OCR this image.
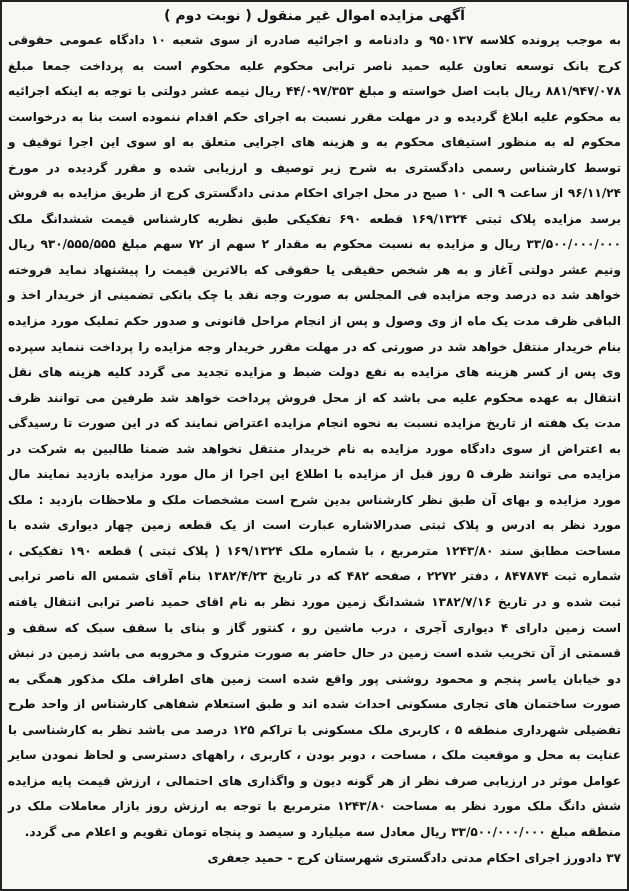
آگهی مزایده اموال غیر منقول ( نوبت دوم )

به موجب پرونده کلاسه ۹۵۰۱۳۷ و دادنامه و اجرائیه صادره از سوی شعبه ۱۰ دادگاه عمومی حقوقی کرج بانک توسعه تعاون علیه حمید ناصر ترابی محکوم علیه محکوم است به پرداخت جمعا مبلغ ۸۸۱/۹۴۷/۰۷۸ ریال بابت اصل خواسته و مبلغ ۴۴/۰۹۷/۳۵۳ ریال نیمه عشر دولتی با توجه به اینکه اجرائیه به محکوم علیه ابلاغ گردیده و در مهلت مقرر نسبت به اجرای حکم اقدام ننموده است بنا به درخواست محکوم له به منظور استیفای محکوم به و هزینه های اجرایی متعلق به او سوی این اجرا توقیف و توسط کارشناس رسمی دادگستری به شرح زیر توصیف و ارزیابی شده و مقرر گردیده در مورخ ۹۶/۱۱/۲۴ از ساعت ۹ الی ۱۰ صبح در محل اجرای احکام مدنی دادگستری کرج از طریق مزایده به فروش برسد مزایده پلاک ثبتی ۱۶۹/۱۳۲۴ قطعه ۶۹۰ تفکیکی طبق نظریه کارشناس قیمت ششدانگ ملک ۳۳/۵۰۰/۰۰۰/۰۰۰ ریال و مزایده به نسبت محکوم به مقدار ۲ سهم از ۷۲ سهم مبلغ ۹۳۰/۵۵۵/۵۵۵ ریال ونیم عشر دولتی آغاز و به هر شخص حقیقی یا حقوقی که بالاترین قیمت را پیشنهاد نماید فروخته خواهد شد ده درصد وجه مزایده فی المجلس به صورت وجه نقد یا چک بانکی تضمینی از خریدار اخذ و الباقی ظرف مدت یک ماه از وی وصول و پس از انجام مراحل قانونی و صدور حکم تملیک مورد مزایده بنام خریدار منتقل خواهد شد در صورتی که در مهلت مقرر خریدار وجه مزایده را پرداخت ننماید سپرده وی پس از کسر هزینه های مزایده به نفع دولت ضبط و مزایده تجدید می گردد کلیه هزینه های نقل انتقال به عهده محکوم علیه می باشد که از محل فروش پرداخت خواهد شد طرفین می توانند ظرف مدت یک هفته از تاریخ مزایده نسبت به نحوه انجام مزایده اعتراض نمایند که در این صورت تا رسیدگی به اعتراض از سوی دادگاه مورد مزایده به نام خریدار منتقل نخواهد شد ضمنا طالبین به شرکت در مزایده می توانند ظرف ۵ روز قبل از مزایده با اطلاع این اجرا از مال مورد مزایده بازدید نمایند مال مورد مزایده و بهای آن طبق نظر کارشناس بدین شرح است مشخصات ملک و ملاحظات بازدید : ملک مورد نظر به ادرس و پلاک ثبتی صدرالاشاره عبارت است از یک قطعه زمین چهار دیواری شده با مساحت مطابق سند ۱۲۴۳/۸۰ مترمربع ، با شماره ملک ۱۶۹/۱۳۲۴ ( پلاک ثبتی ) قطعه ۱۹۰ تفکیکی ، شماره ثبت ۸۴۷۸۷۴ ، دفتر ۲۲۷۲ ، صفحه ۴۸۲ که در تاریخ ۱۳۸۲/۴/۲۳ بنام آقای شمس اله ناصر ترابی ثبت شده و در تاریخ ۱۳۸۲/۷/۱۶ ششدانگ زمین مورد نظر به نام اقای حمید ناصر ترابی انتقال یافته است زمین دارای ۴ دیواری آجری ، درب ماشین رو ، کنتور گاز و بنای با سقف سبک که سقف و قسمتی از آن تخریب شده است زمین در حال حاضر به صورت متروک و مخروبه می باشد زمین در نبش دو خیابان یاسر پنجم و محمود روشنی پور واقع شده است زمین های اطراف ملک مذکور همگی به صورت ساختمان های تجاری مسکونی احداث شده اند و طبق استعلام شفاهی کارشناس از واحد طرح تفضیلی شهرداری منطقه ۵ ، کاربری ملک مسکونی با تراکم ۱۲۵ درصد می باشد نظر به کارشناسی با عنایت به محل و موقعیت ملک ، مساحت ، دوبر بودن ، کاربری ، راههای دسترسی و لحاظ نمودن سایر عوامل موثر در ارزیابی صرف نظر از هر گونه دیون و واگذاری های احتمالی ، ارزش قیمت پایه مزایده شش دانگ ملک مورد نظر به مساحت ۱۲۴۳/۸۰ مترمربع با توجه به ارزش روز بازار معاملات ملک در منطقه مبلغ ۳۳/۵۰۰/۰۰۰/۰۰۰ ریال معادل سه میلیارد و سیصد و پنجاه تومان تقویم و اعلام می گردد.

۳۷ دادورز اجرای احکام مدنی دادگستری شهرستان کرج - حمید جعفری
